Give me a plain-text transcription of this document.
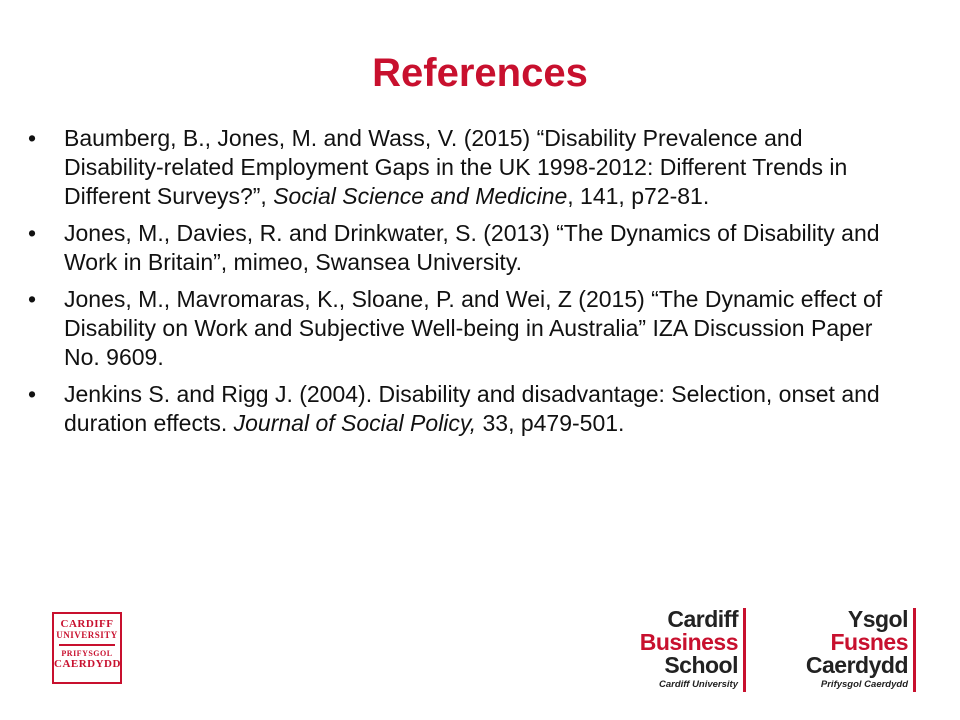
References
• Baumberg, B., Jones, M. and Wass, V. (2015) “Disability Prevalence and Disability-related Employment Gaps in the UK 1998-2012: Different Trends in Different Surveys?”, Social Science and Medicine, 141, p72-81.
• Jones, M., Davies, R. and Drinkwater, S. (2013) “The Dynamics of Disability and Work in Britain”, mimeo, Swansea University.
• Jones, M., Mavromaras, K., Sloane, P. and Wei, Z (2015) “The Dynamic effect of Disability on Work and Subjective Well-being in Australia” IZA Discussion Paper No. 9609.
• Jenkins S. and Rigg J. (2004). Disability and disadvantage: Selection, onset and duration effects. Journal of Social Policy, 33, p479-501.
CARDIFF
UNIVERSITY
PRIFYSGOL
CAERDYDD
Cardiff
Business
School
Cardiff University
Ysgol
Fusnes
Caerdydd
Prifysgol Caerdydd
